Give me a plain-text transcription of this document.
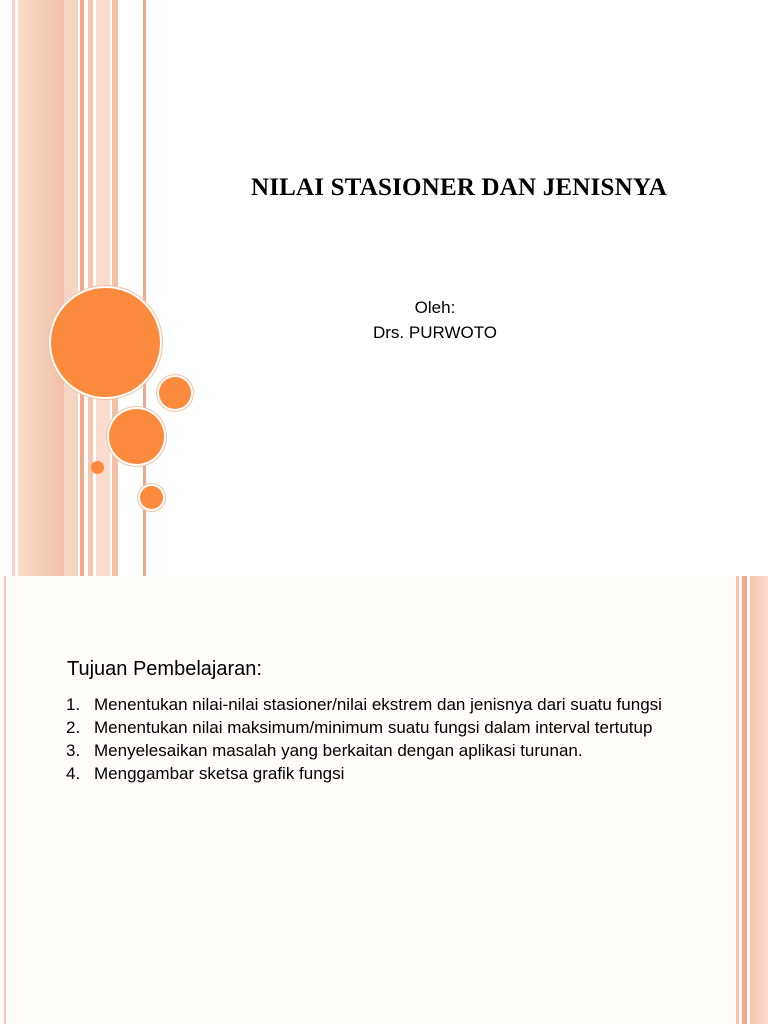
NILAI STASIONER DAN JENISNYA
Oleh:
Drs. PURWOTO
Tujuan Pembelajaran:
1. Menentukan nilai-nilai stasioner/nilai ekstrem dan jenisnya dari suatu fungsi
2. Menentukan nilai maksimum/minimum suatu fungsi dalam interval tertutup
3. Menyelesaikan masalah yang berkaitan dengan aplikasi turunan.
4. Menggambar sketsa grafik fungsi
